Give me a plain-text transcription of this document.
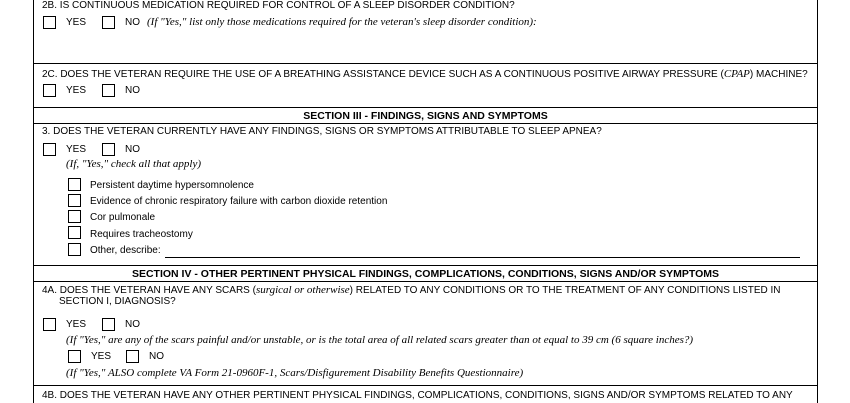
2B. IS CONTINUOUS MEDICATION REQUIRED FOR CONTROL OF A SLEEP DISORDER CONDITION?
YES	NO (If "Yes," list only those medications required for the veteran's sleep disorder condition):
2C. DOES THE VETERAN REQUIRE THE USE OF A BREATHING ASSISTANCE DEVICE SUCH AS A CONTINUOUS POSITIVE AIRWAY PRESSURE (CPAP) MACHINE?
YES	NO
SECTION III - FINDINGS, SIGNS AND SYMPTOMS
3. DOES THE VETERAN CURRENTLY HAVE ANY FINDINGS, SIGNS OR SYMPTOMS ATTRIBUTABLE TO SLEEP APNEA?
YES	NO
(If, "Yes," check all that apply)
Persistent daytime hypersomnolence
Evidence of chronic respiratory failure with carbon dioxide retention
Cor pulmonale
Requires tracheostomy
Other, describe:
SECTION IV - OTHER PERTINENT PHYSICAL FINDINGS, COMPLICATIONS, CONDITIONS, SIGNS AND/OR SYMPTOMS
4A. DOES THE VETERAN HAVE ANY SCARS (surgical or otherwise) RELATED TO ANY CONDITIONS OR TO THE TREATMENT OF ANY CONDITIONS LISTED IN
SECTION I, DIAGNOSIS?
YES	NO
(If "Yes," are any of the scars painful and/or unstable, or is the total area of all related scars greater than ot equal to 39 cm (6 square inches?)
YES	NO
(If "Yes," ALSO complete VA Form 21-0960F-1, Scars/Disfigurement Disability Benefits Questionnaire)
4B. DOES THE VETERAN HAVE ANY OTHER PERTINENT PHYSICAL FINDINGS, COMPLICATIONS, CONDITIONS, SIGNS AND/OR SYMPTOMS RELATED TO ANY
